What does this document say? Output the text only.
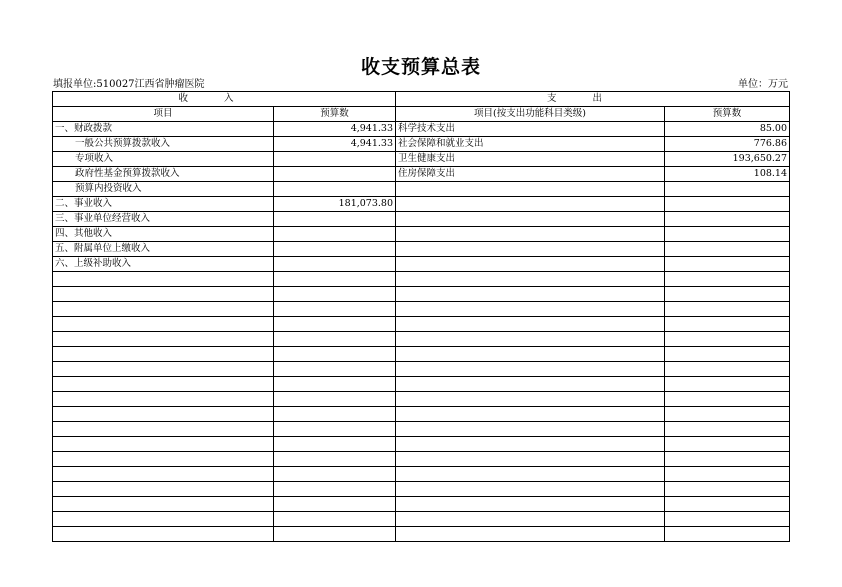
收支预算总表
填报单位:510027江西省肿瘤医院	单位：万元
收入		支出	
项目	预算数	项目(按支出功能科目类级)	预算数
一、财政拨款	4,941.33	科学技术支出	85.00
一般公共预算拨款收入	4,941.33	社会保障和就业支出	776.86
专项收入		卫生健康支出	193,650.27
政府性基金预算拨款收入		住房保障支出	108.14
预算内投资收入			
二、事业收入	181,073.80		
三、事业单位经营收入			
四、其他收入			
五、附属单位上缴收入			
六、上级补助收入			
